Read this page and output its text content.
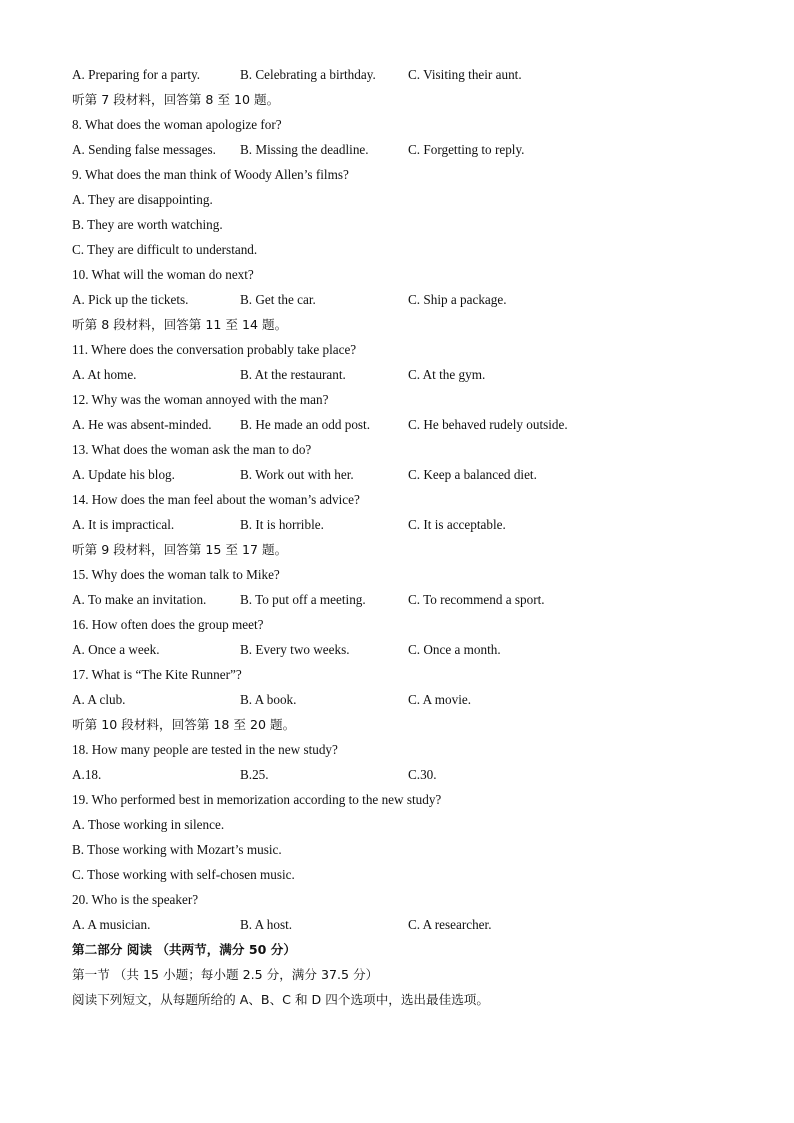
A. Preparing for a party.	B. Celebrating a birthday. C. Visiting their aunt.
听第 7 段材料，回答第 8 至 10 题。
8. What does the woman apologize for?
A. Sending false messages. B. Missing the deadline.	C. Forgetting to reply.
9. What does the man think of Woody Allen’s films?
A. They are disappointing.
B. They are worth watching.
C. They are difficult to understand.
10. What will the woman do next?
A. Pick up the tickets.	B. Get the car.	C. Ship a package.
听第 8 段材料，回答第 11 至 14 题。
11. Where does the conversation probably take place?
A. At home.	B. At the restaurant.	C. At the gym.
12. Why was the woman annoyed with the man?
A. He was absent-minded. B. He made an odd post.	C. He behaved rudely outside.
13. What does the woman ask the man to do?
A. Update his blog.	B. Work out with her.	C. Keep a balanced diet.
14. How does the man feel about the woman’s advice?
A. It is impractical.	B. It is horrible.	C. It is acceptable.
听第 9 段材料，回答第 15 至 17 题。
15. Why does the woman talk to Mike?
A. To make an invitation.	B. To put off a meeting.	C. To recommend a sport.
16. How often does the group meet?
A. Once a week.	B. Every two weeks.	C. Once a month.
17. What is “The Kite Runner”?
A. A club.	B. A book.	C. A movie.
听第 10 段材料，回答第 18 至 20 题。
18. How many people are tested in the new study?
A.18.	B.25.	C.30.
19. Who performed best in memorization according to the new study?
A. Those working in silence.
B. Those working with Mozart’s music.
C. Those working with self-chosen music.
20. Who is the speaker?
A. A musician.	B. A host.	C. A researcher.
第二部分 阅读 （共两节，满分 50 分）
第一节 （共 15 小题；每小题 2.5 分，满分 37.5 分）
阅读下列短文，从每题所给的 A、B、C 和 D 四个选项中，选出最佳选项。
